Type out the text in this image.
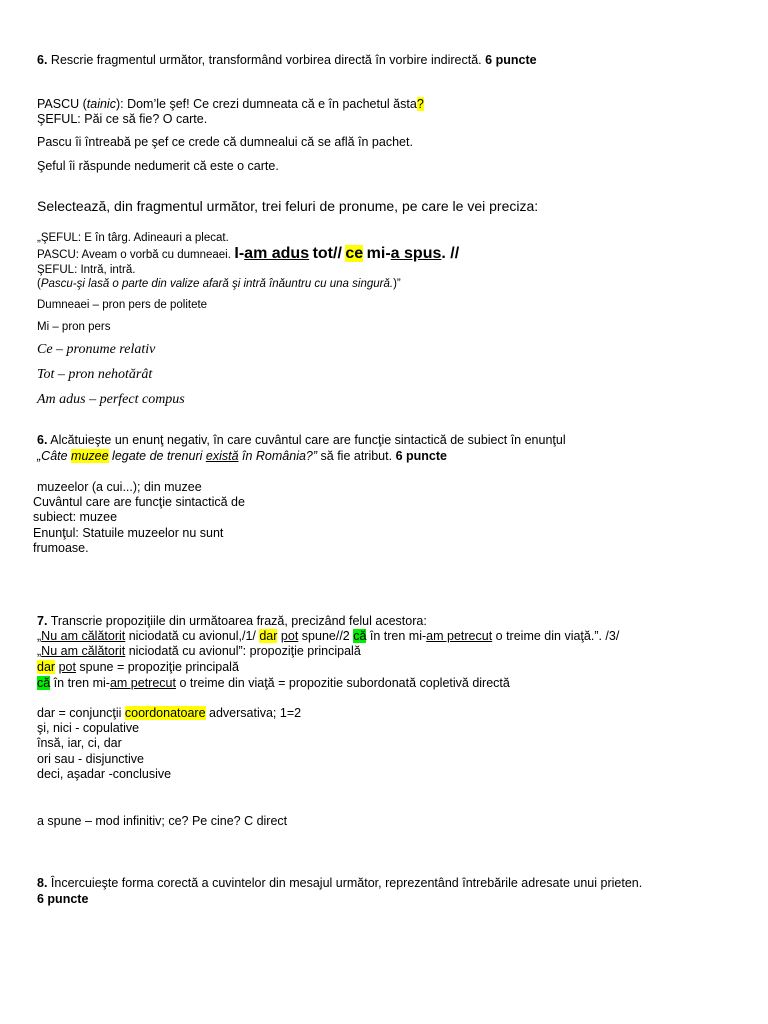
6. Rescrie fragmentul următor, transformând vorbirea directă în vorbire indirectă. 6 puncte
PASCU (tainic): Dom’le şef! Ce crezi dumneata că e în pachetul ăsta?
ŞEFUL: Păi ce să fie? O carte.
Pascu îi întreabă pe şef ce crede că dumnealui că se află în pachet.
Şeful îi răspunde nedumerit că este o carte.
Selectează, din fragmentul următor, trei feluri de pronume, pe care le vei preciza:
„ŞEFUL: E în târg. Adineauri a plecat.
PASCU: Aveam o vorbă cu dumneaei. I-am adus tot// ce mi-a spus. //
ŞEFUL: Intră, intră.
(Pascu-şi lasă o parte din valize afară şi intră înăuntru cu una singură.)”
Dumneaei – pron pers de politete
Mi – pron pers
Ce – pronume relativ
Tot – pron nehotărât
Am adus – perfect compus
6. Alcătuieşte un enunţ negativ, în care cuvântul care are funcţie sintactică de subiect în enunţul
„Câte muzee legate de trenuri există în România?” să fie atribut. 6 puncte
muzeelor (a cui...); din muzee
Cuvântul care are funcţie sintactică de
subiect: muzee
Enunţul: Statuile muzeelor nu sunt
frumoase.
7. Transcrie propoziţiile din următoarea frază, precizând felul acestora:
„Nu am călătorit niciodată cu avionul,/1/ dar pot spune//2 că în tren mi-am petrecut o treime din viaţă.”. /3/
„Nu am călătorit niciodată cu avionul”: propoziţie principală
dar pot spune = propoziţie principală
că în tren mi-am petrecut o treime din viaţă = propozitie subordonată copletivă directă
dar = conjuncţii coordonatoare adversativa; 1=2
şi, nici - copulative
însă, iar, ci, dar
ori sau - disjunctive
deci, aşadar -conclusive
a spune – mod infinitiv; ce? Pe cine? C direct
8. Încercuieşte forma corectă a cuvintelor din mesajul următor, reprezentând întrebările adresate unui prieten.
6 puncte
